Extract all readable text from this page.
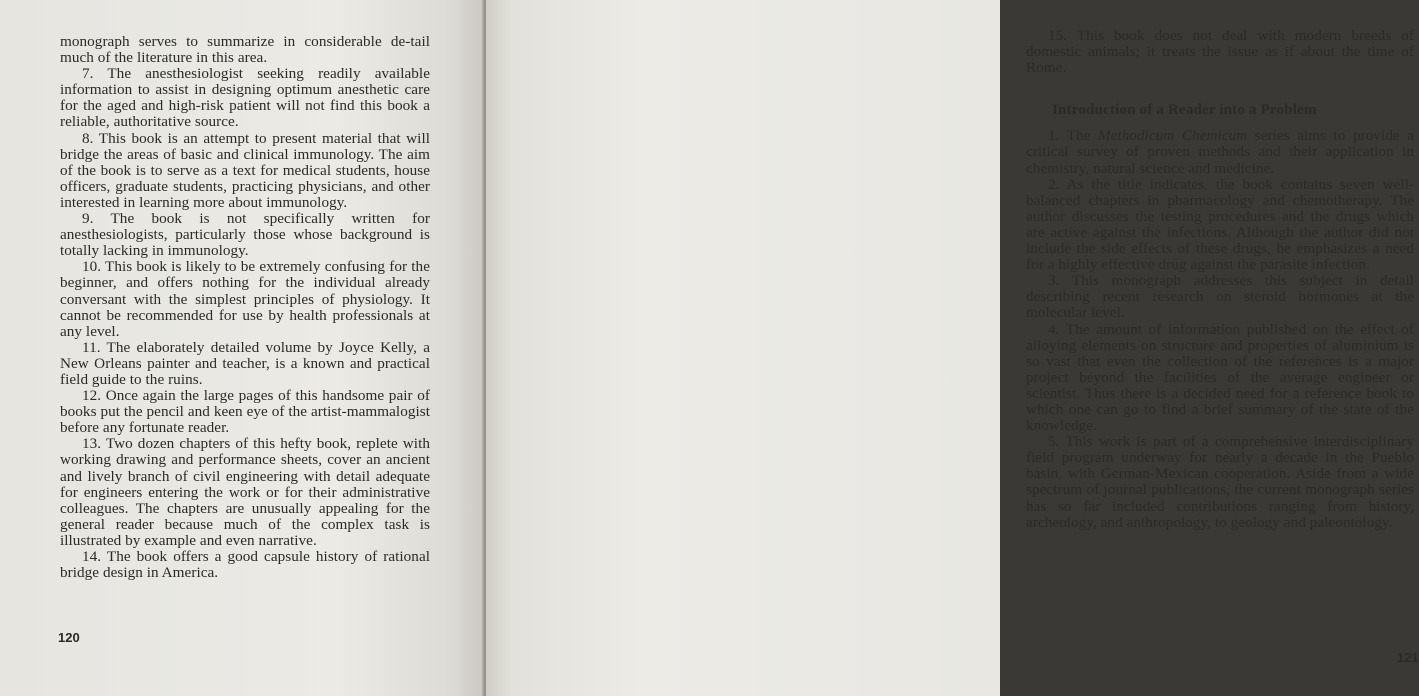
monograph serves to summarize in considerable de-tail much of the literature in this area.

7. The anesthesiologist seeking readily available information to assist in designing optimum anesthetic care for the aged and high-risk patient will not find this book a reliable, authoritative source.

8. This book is an attempt to present material that will bridge the areas of basic and clinical immunology. The aim of the book is to serve as a text for medical students, house officers, graduate students, practicing physicians, and other interested in learning more about immunology.

9. The book is not specifically written for anesthesiologists, particularly those whose background is totally lacking in immunology.

10. This book is likely to be extremely confusing for the beginner, and offers nothing for the individual already conversant with the simplest principles of physiology. It cannot be recommended for use by health professionals at any level.

11. The elaborately detailed volume by Joyce Kelly, a New Orleans painter and teacher, is a known and practical field guide to the ruins.

12. Once again the large pages of this handsome pair of books put the pencil and keen eye of the artist-mammalogist before any fortunate reader.

13. Two dozen chapters of this hefty book, replete with working drawing and performance sheets, cover an ancient and lively branch of civil engineering with detail adequate for engineers entering the work or for their administrative colleagues. The chapters are unusually appealing for the general reader because much of the complex task is illustrated by example and even narrative.

14. The book offers a good capsule history of rational bridge design in America.

120

15. This book does not deal with modern breeds of domestic animals; it treats the issue as if about the time of Rome.

Introduction of a Reader into a Problem

1. The Methodicum Chemicum series aims to provide a critical survey of proven methods and their application in chemistry, natural science and medicine.

2. As the title indicates, the book contains seven well-balanced chapters in pharmacology and chemotherapy. The author discusses the testing procedures and the drugs which are active against the infections. Although the author did not include the side effects of these drugs, he emphasizes a need for a highly effective drug against the parasite infection.

3. This monograph addresses this subject in detail describing recent research on steroid hormones at the molecular level.

4. The amount of information published on the effect of alloying elements on structure and properties of aluminium is so vast that even the collection of the references is a major project beyond the facilities of the average engineer or scientist. Thus there is a decided need for a reference book to which one can go to find a brief summary of the state of the knowledge.

5. This work is part of a comprehensive interdisciplinary field program underway for nearly a decade in the Pueblo basin, with German-Mexican cooperation. Aside from a wide spectrum of journal publications, the current monograph series has so far included contributions ranging from history, archeology, and anthropology, to geology and paleontology.

121
